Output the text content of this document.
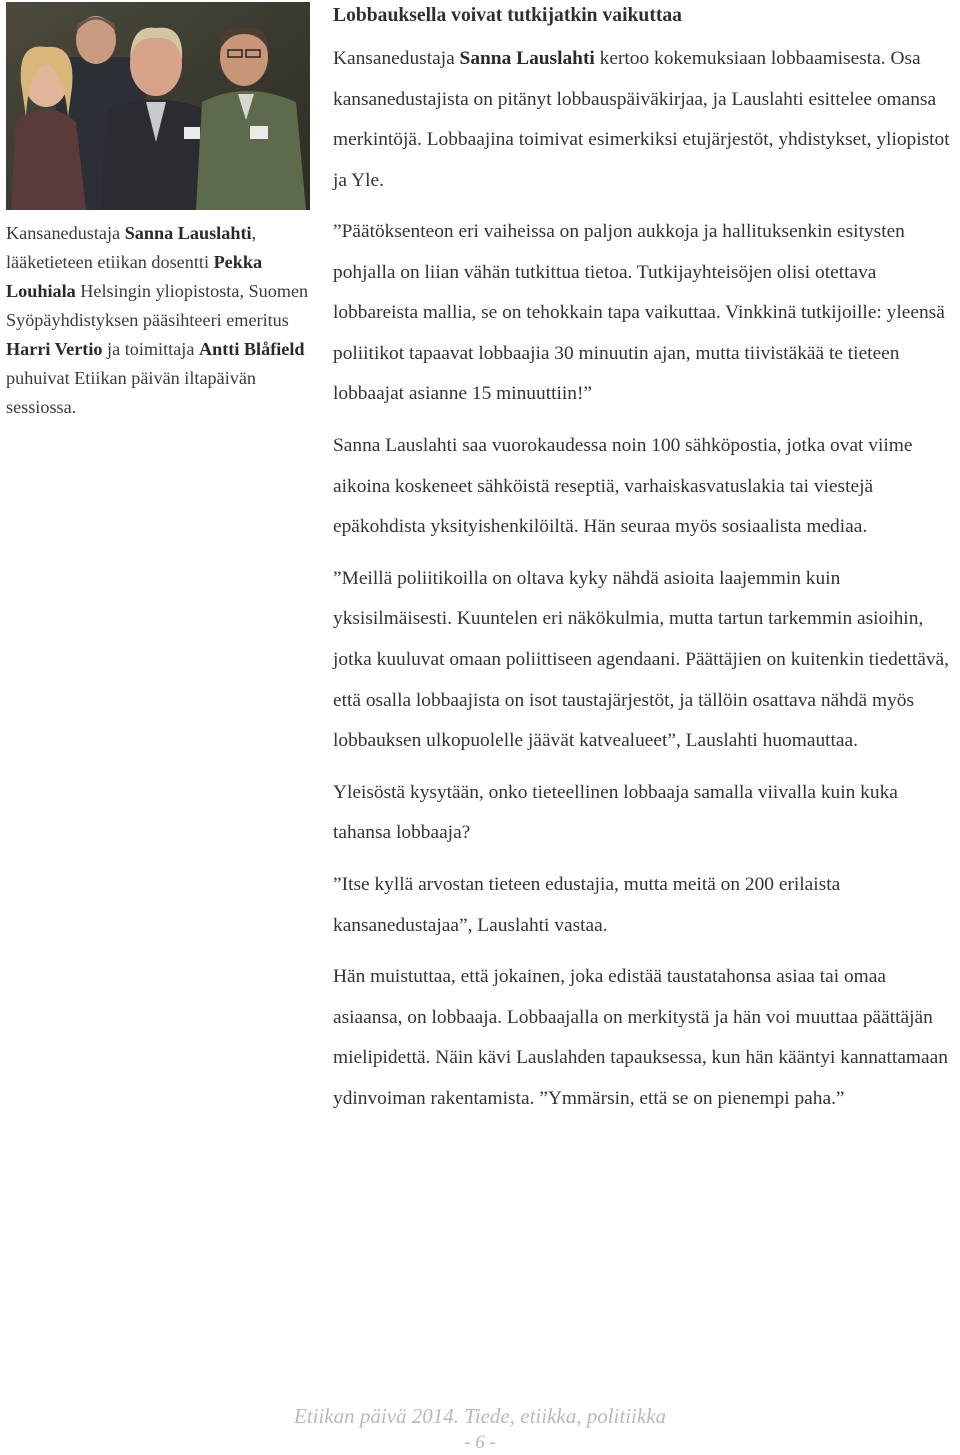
Kansanedustaja Sanna Lauslahti, lääketieteen etiikan dosentti Pekka Louhiala Helsingin yliopistosta, Suomen Syöpäyhdistyksen pääsihteeri emeritus Harri Vertio ja toimittaja Antti Blåfield puhuivat Etiikan päivän iltapäivän sessiossa.
Lobbauksella voivat tutkijatkin vaikuttaa

Kansanedustaja Sanna Lauslahti kertoo kokemuksiaan lobbaamisesta. Osa kansanedustajista on pitänyt lobbauspäiväkirjaa, ja Lauslahti esittelee omansa merkintöjä. Lobbaajina toimivat esimerkiksi etujärjestöt, yhdistykset, yliopistot ja Yle.

”Päätöksenteon eri vaiheissa on paljon aukkoja ja hallituksenkin esitysten pohjalla on liian vähän tutkittua tietoa. Tutkijayhteisöjen olisi otettava lobbareista mallia, se on tehokkain tapa vaikuttaa. Vinkkinä tutkijoille: yleensä poliitikot tapaavat lobbaajia 30 minuutin ajan, mutta tiivistäkää te tieteen lobbaajat asianne 15 minuuttiin!”

Sanna Lauslahti saa vuorokaudessa noin 100 sähköpostia, jotka ovat viime aikoina koskeneet sähköistä reseptiä, varhaiskasvatuslakia tai viestejä epäkohdista yksityishenkilöiltä. Hän seuraa myös sosiaalista mediaa.

”Meillä poliitikoilla on oltava kyky nähdä asioita laajemmin kuin yksisilmäisesti. Kuuntelen eri näkökulmia, mutta tartun tarkemmin asioihin, jotka kuuluvat omaan poliittiseen agendaani. Päättäjien on kuitenkin tiedettävä, että osalla lobbaajista on isot taustajärjestöt, ja tällöin osattava nähdä myös lobbauksen ulkopuolelle jäävät katvealueet”, Lauslahti huomauttaa.

Yleisöstä kysytään, onko tieteellinen lobbaaja samalla viivalla kuin kuka tahansa lobbaaja?

”Itse kyllä arvostan tieteen edustajia, mutta meitä on 200 erilaista kansanedustajaa”, Lauslahti vastaa.

Hän muistuttaa, että jokainen, joka edistää taustatahonsa asiaa tai omaa asiaansa, on lobbaaja. Lobbaajalla on merkitystä ja hän voi muuttaa päättäjän mielipidettä. Näin kävi Lauslahden tapauksessa, kun hän kääntyi kannattamaan ydinvoiman rakentamista. ”Ymmärsin, että se on pienempi paha.”

Etiikan päivä 2014. Tiede, etiikka, politiikka
- 6 -
